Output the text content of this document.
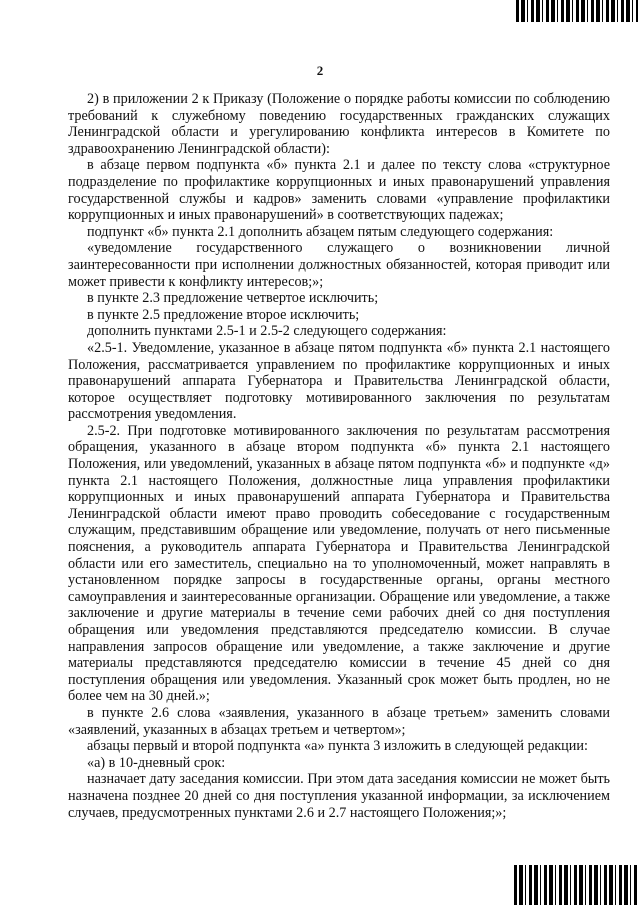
2

2) в приложении 2 к Приказу (Положение о порядке работы комиссии по соблюдению требований к служебному поведению государственных гражданских служащих Ленинградской области и урегулированию конфликта интересов в Комитете по здравоохранению Ленинградской области):

в абзаце первом подпункта «б» пункта 2.1 и далее по тексту слова «структурное подразделение по профилактике коррупционных и иных правонарушений управления государственной службы и кадров» заменить словами «управление профилактики коррупционных и иных правонарушений» в соответствующих падежах;

подпункт «б» пункта 2.1 дополнить абзацем пятым следующего содержания:

«уведомление государственного служащего о возникновении личной заинтересованности при исполнении должностных обязанностей, которая приводит или может привести к конфликту интересов;»;

в пункте 2.3 предложение четвертое исключить;

в пункте 2.5 предложение второе исключить;

дополнить пунктами 2.5-1 и 2.5-2 следующего содержания:

«2.5-1. Уведомление, указанное в абзаце пятом подпункта «б» пункта 2.1 настоящего Положения, рассматривается управлением по профилактике коррупционных и иных правонарушений аппарата Губернатора и Правительства Ленинградской области, которое осуществляет подготовку мотивированного заключения по результатам рассмотрения уведомления.

2.5-2. При подготовке мотивированного заключения по результатам рассмотрения обращения, указанного в абзаце втором подпункта «б» пункта 2.1 настоящего Положения, или уведомлений, указанных в абзаце пятом подпункта «б» и подпункте «д» пункта 2.1 настоящего Положения, должностные лица управления профилактики коррупционных и иных правонарушений аппарата Губернатора и Правительства Ленинградской области имеют право проводить собеседование с государственным служащим, представившим обращение или уведомление, получать от него письменные пояснения, а руководитель аппарата Губернатора и Правительства Ленинградской области или его заместитель, специально на то уполномоченный, может направлять в установленном порядке запросы в государственные органы, органы местного самоуправления и заинтересованные организации. Обращение или уведомление, а также заключение и другие материалы в течение семи рабочих дней со дня поступления обращения или уведомления представляются председателю комиссии. В случае направления запросов обращение или уведомление, а также заключение и другие материалы представляются председателю комиссии в течение 45 дней со дня поступления обращения или уведомления. Указанный срок может быть продлен, но не более чем на 30 дней.»;

в пункте 2.6 слова «заявления, указанного в абзаце третьем» заменить словами «заявлений, указанных в абзацах третьем и четвертом»;

абзацы первый и второй подпункта «а» пункта 3 изложить в следующей редакции:

«а) в 10-дневный срок:

назначает дату заседания комиссии. При этом дата заседания комиссии не может быть назначена позднее 20 дней со дня поступления указанной информации, за исключением случаев, предусмотренных пунктами 2.6 и 2.7 настоящего Положения;»;
